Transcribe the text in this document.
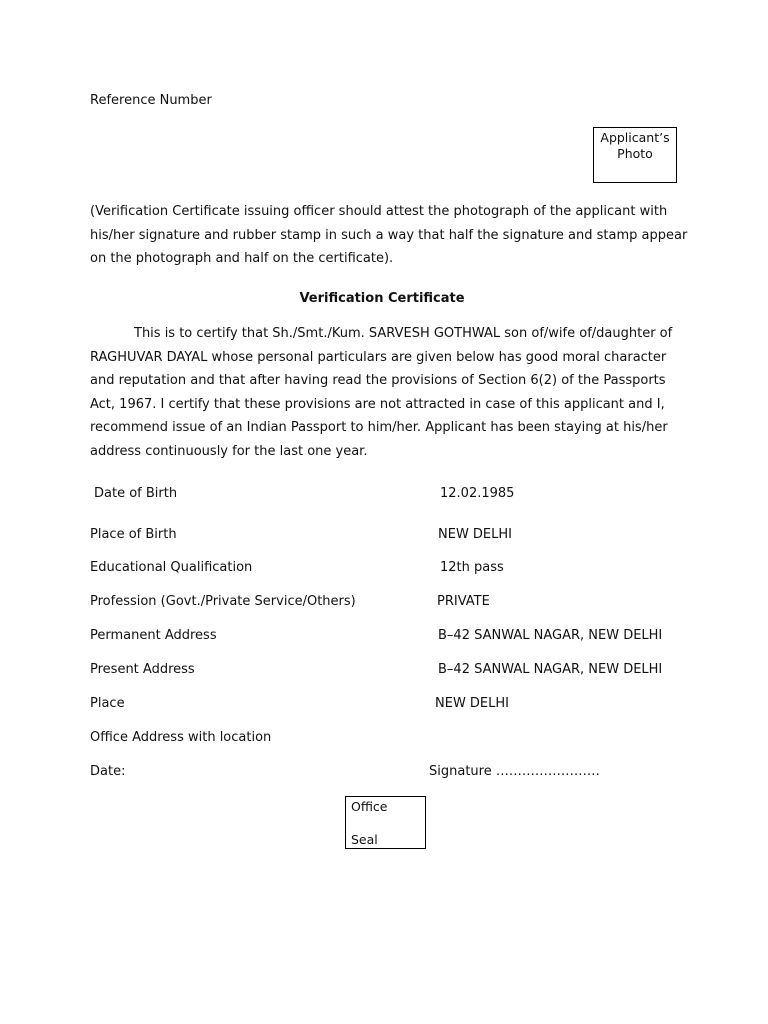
Reference Number
Applicant’s
Photo
(Verification Certificate issuing officer should attest the photograph of the applicant with his/her signature and rubber stamp in such a way that half the signature and stamp appear on the photograph and half on the certificate).
Verification Certificate
This is to certify that Sh./Smt./Kum. SARVESH GOTHWAL son of/wife of/daughter of RAGHUVAR DAYAL whose personal particulars are given below has good moral character and reputation and that after having read the provisions of Section 6(2) of the Passports Act, 1967. I certify that these provisions are not attracted in case of this applicant and I, recommend issue of an Indian Passport to him/her. Applicant has been staying at his/her address continuously for the last one year.
Date of Birth	12.02.1985
Place of Birth	NEW DELHI
Educational Qualification	12th pass
Profession (Govt./Private Service/Others)	PRIVATE
Permanent Address	B–42 SANWAL NAGAR, NEW DELHI
Present Address	B–42 SANWAL NAGAR, NEW DELHI
Place	NEW DELHI
Office Address with location
Date:	Signature ……………………
Office
Seal
